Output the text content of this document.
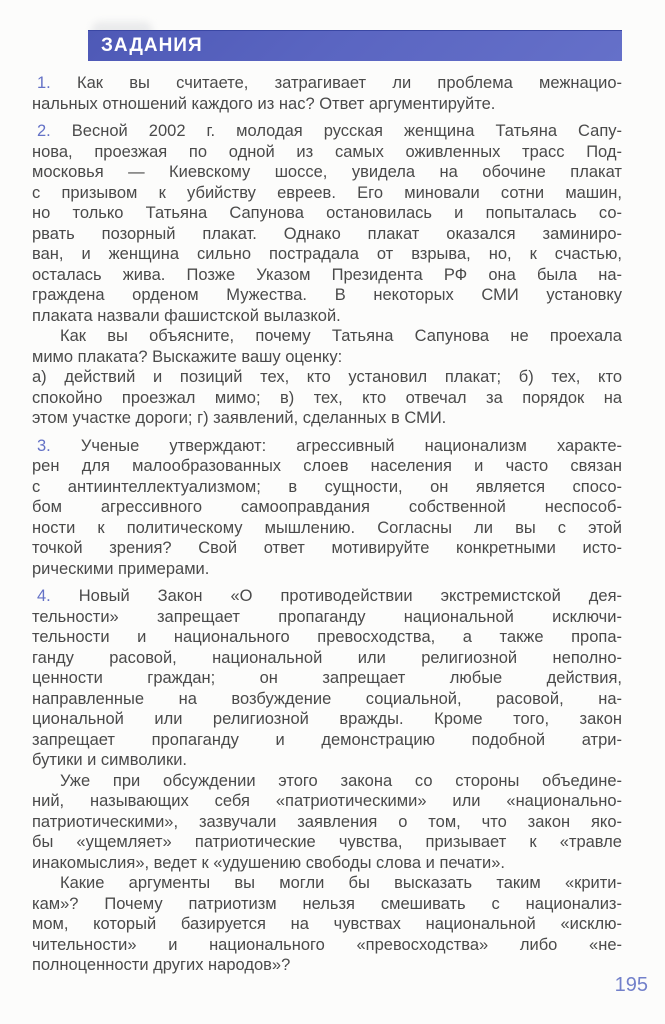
ЗАДАНИЯ
1. Как вы считаете, затрагивает ли проблема межнацио-
нальных отношений каждого из нас? Ответ аргументируйте.
2. Весной 2002 г. молодая русская женщина Татьяна Сапу-
нова, проезжая по одной из самых оживленных трасс Под-
московья — Киевскому шоссе, увидела на обочине плакат
с призывом к убийству евреев. Его миновали сотни машин,
но только Татьяна Сапунова остановилась и попыталась со-
рвать позорный плакат. Однако плакат оказался заминиро-
ван, и женщина сильно пострадала от взрыва, но, к счастью,
осталась жива. Позже Указом Президента РФ она была на-
граждена орденом Мужества. В некоторых СМИ установку
плаката назвали фашистской вылазкой.
Как вы объясните, почему Татьяна Сапунова не проехала
мимо плаката? Выскажите вашу оценку:
а) действий и позиций тех, кто установил плакат; б) тех, кто
спокойно проезжал мимо; в) тех, кто отвечал за порядок на
этом участке дороги; г) заявлений, сделанных в СМИ.
3. Ученые утверждают: агрессивный национализм характе-
рен для малообразованных слоев населения и часто связан
с антиинтеллектуализмом; в сущности, он является спосо-
бом агрессивного самооправдания собственной неспособ-
ности к политическому мышлению. Согласны ли вы с этой
точкой зрения? Свой ответ мотивируйте конкретными исто-
рическими примерами.
4. Новый Закон «О противодействии экстремистской дея-
тельности» запрещает пропаганду национальной исключи-
тельности и национального превосходства, а также пропа-
ганду расовой, национальной или религиозной неполно-
ценности граждан; он запрещает любые действия,
направленные на возбуждение социальной, расовой, на-
циональной или религиозной вражды. Кроме того, закон
запрещает пропаганду и демонстрацию подобной атри-
бутики и символики.
Уже при обсуждении этого закона со стороны объедине-
ний, называющих себя «патриотическими» или «национально-
патриотическими», зазвучали заявления о том, что закон яко-
бы «ущемляет» патриотические чувства, призывает к «травле
инакомыслия», ведет к «удушению свободы слова и печати».
Какие аргументы вы могли бы высказать таким «крити-
кам»? Почему патриотизм нельзя смешивать с национализ-
мом, который базируется на чувствах национальной «исклю-
чительности» и национального «превосходства» либо «не-
полноценности других народов»?
195
